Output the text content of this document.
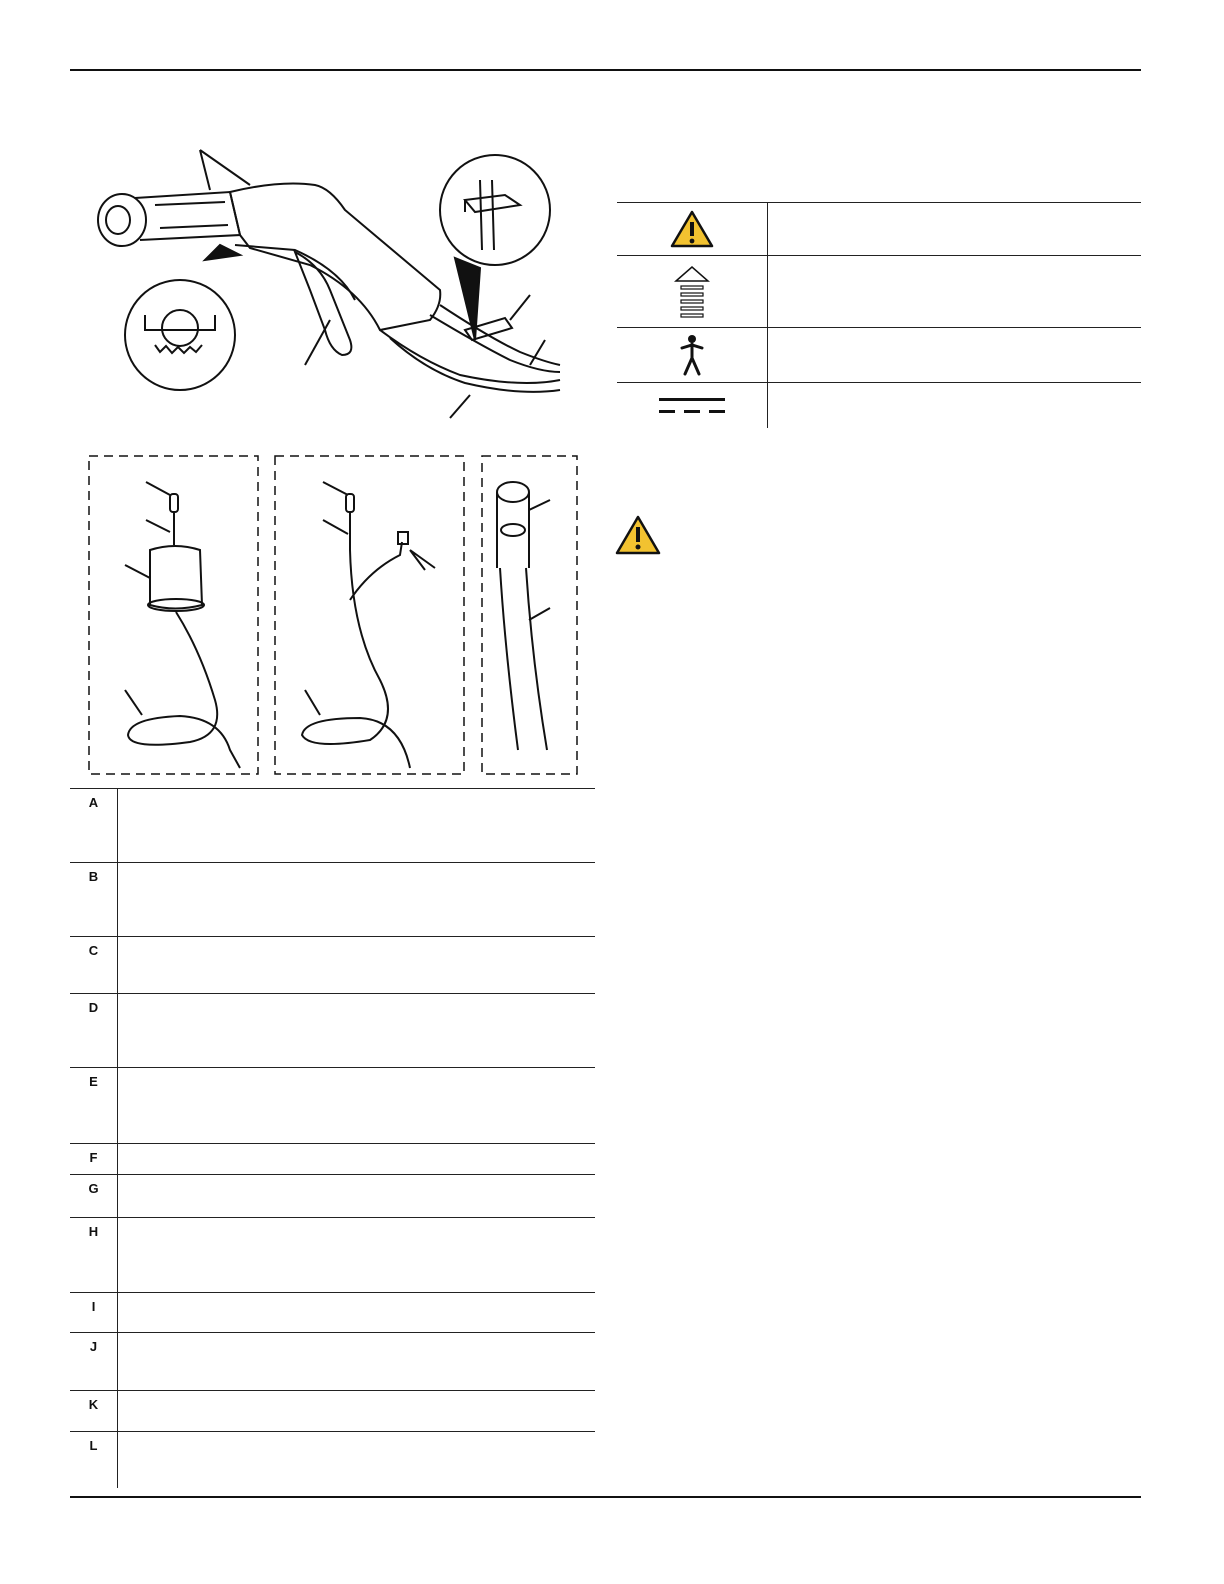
A
B
C
D
E
F
G
H
I
J
K
L
